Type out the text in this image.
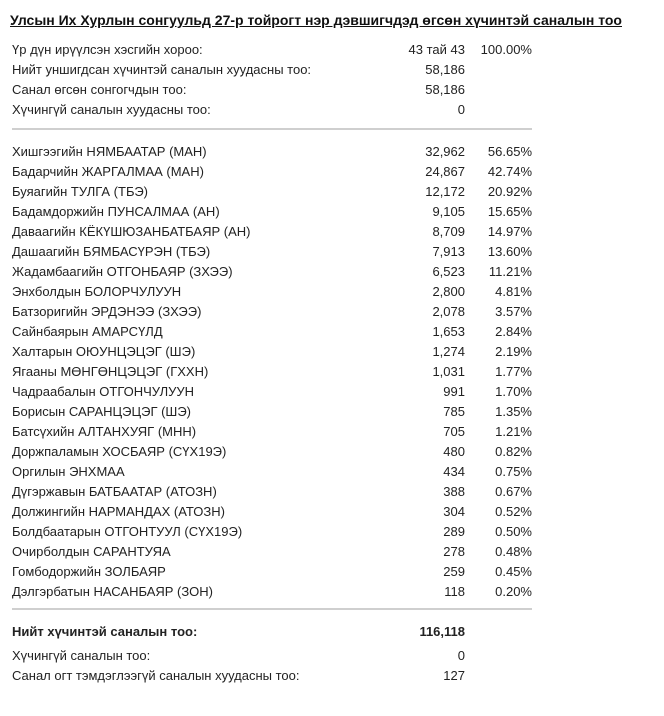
Улсын Их Хурлын сонгуульд 27-р тойрогт нэр дэвшигчдэд өгсөн хүчинтэй саналын тоо
Үр дүн ирүүлсэн хэсгийн хороо:	43 тай 43 100.00%
Нийт уншигдсан хүчинтэй саналын хуудасны тоо:	58,186
Санал өгсөн сонгогчдын тоо:	58,186
Хүчингүй саналын хуудасны тоо:	0
Хишгээгийн НЯМБААТАР (МАН)	32,962 56.65%
Бадарчийн ЖАРГАЛМАА (МАН)	24,867 42.74%
Буяагийн ТУЛГА (ТБЭ)	12,172 20.92%
Бадамдоржийн ПУНСАЛМАА (АН)	9,105 15.65%
Даваагийн КЁКҮШЮЗАНБАТБАЯР (АН)	8,709 14.97%
Дашаагийн БЯМБАСҮРЭН (ТБЭ)	7,913 13.60%
Жадамбаагийн ОТГОНБАЯР (ЗХЭЭ)	6,523 11.21%
Энхболдын БОЛОРЧУЛУУН	2,800 4.81%
Батзоригийн ЭРДЭНЭЭ (ЗХЭЭ)	2,078 3.57%
Сайнбаярын АМАРСҮЛД	1,653 2.84%
Халтарын ОЮУНЦЭЦЭГ (ШЭ)	1,274 2.19%
Ягааны МӨНГӨНЦЭЦЭГ (ГХХН)	1,031 1.77%
Чадраабалын ОТГОНЧУЛУУН	991 1.70%
Борисын САРАНЦЭЦЭГ (ШЭ)	785 1.35%
Батсүхийн АЛТАНХУЯГ (МНН)	705 1.21%
Доржпаламын ХОСБАЯР (СҮХ19Э)	480 0.82%
Оргилын ЭНХМАА	434 0.75%
Дүгэржавын БАТБААТАР (АТОЗН)	388 0.67%
Должингийн НАРМАНДАХ (АТОЗН)	304 0.52%
Болдбаатарын ОТГОНТУУЛ (СҮХ19Э)	289 0.50%
Очирболдын САРАНТУЯА	278 0.48%
Гомбодоржийн ЗОЛБАЯР	259 0.45%
Дэлгэрбатын НАСАНБАЯР (ЗОН)	118 0.20%
Нийт хүчинтэй саналын тоо:	116,118
Хүчингүй саналын тоо:	0
Санал огт тэмдэглээгүй саналын хуудасны тоо:	127
